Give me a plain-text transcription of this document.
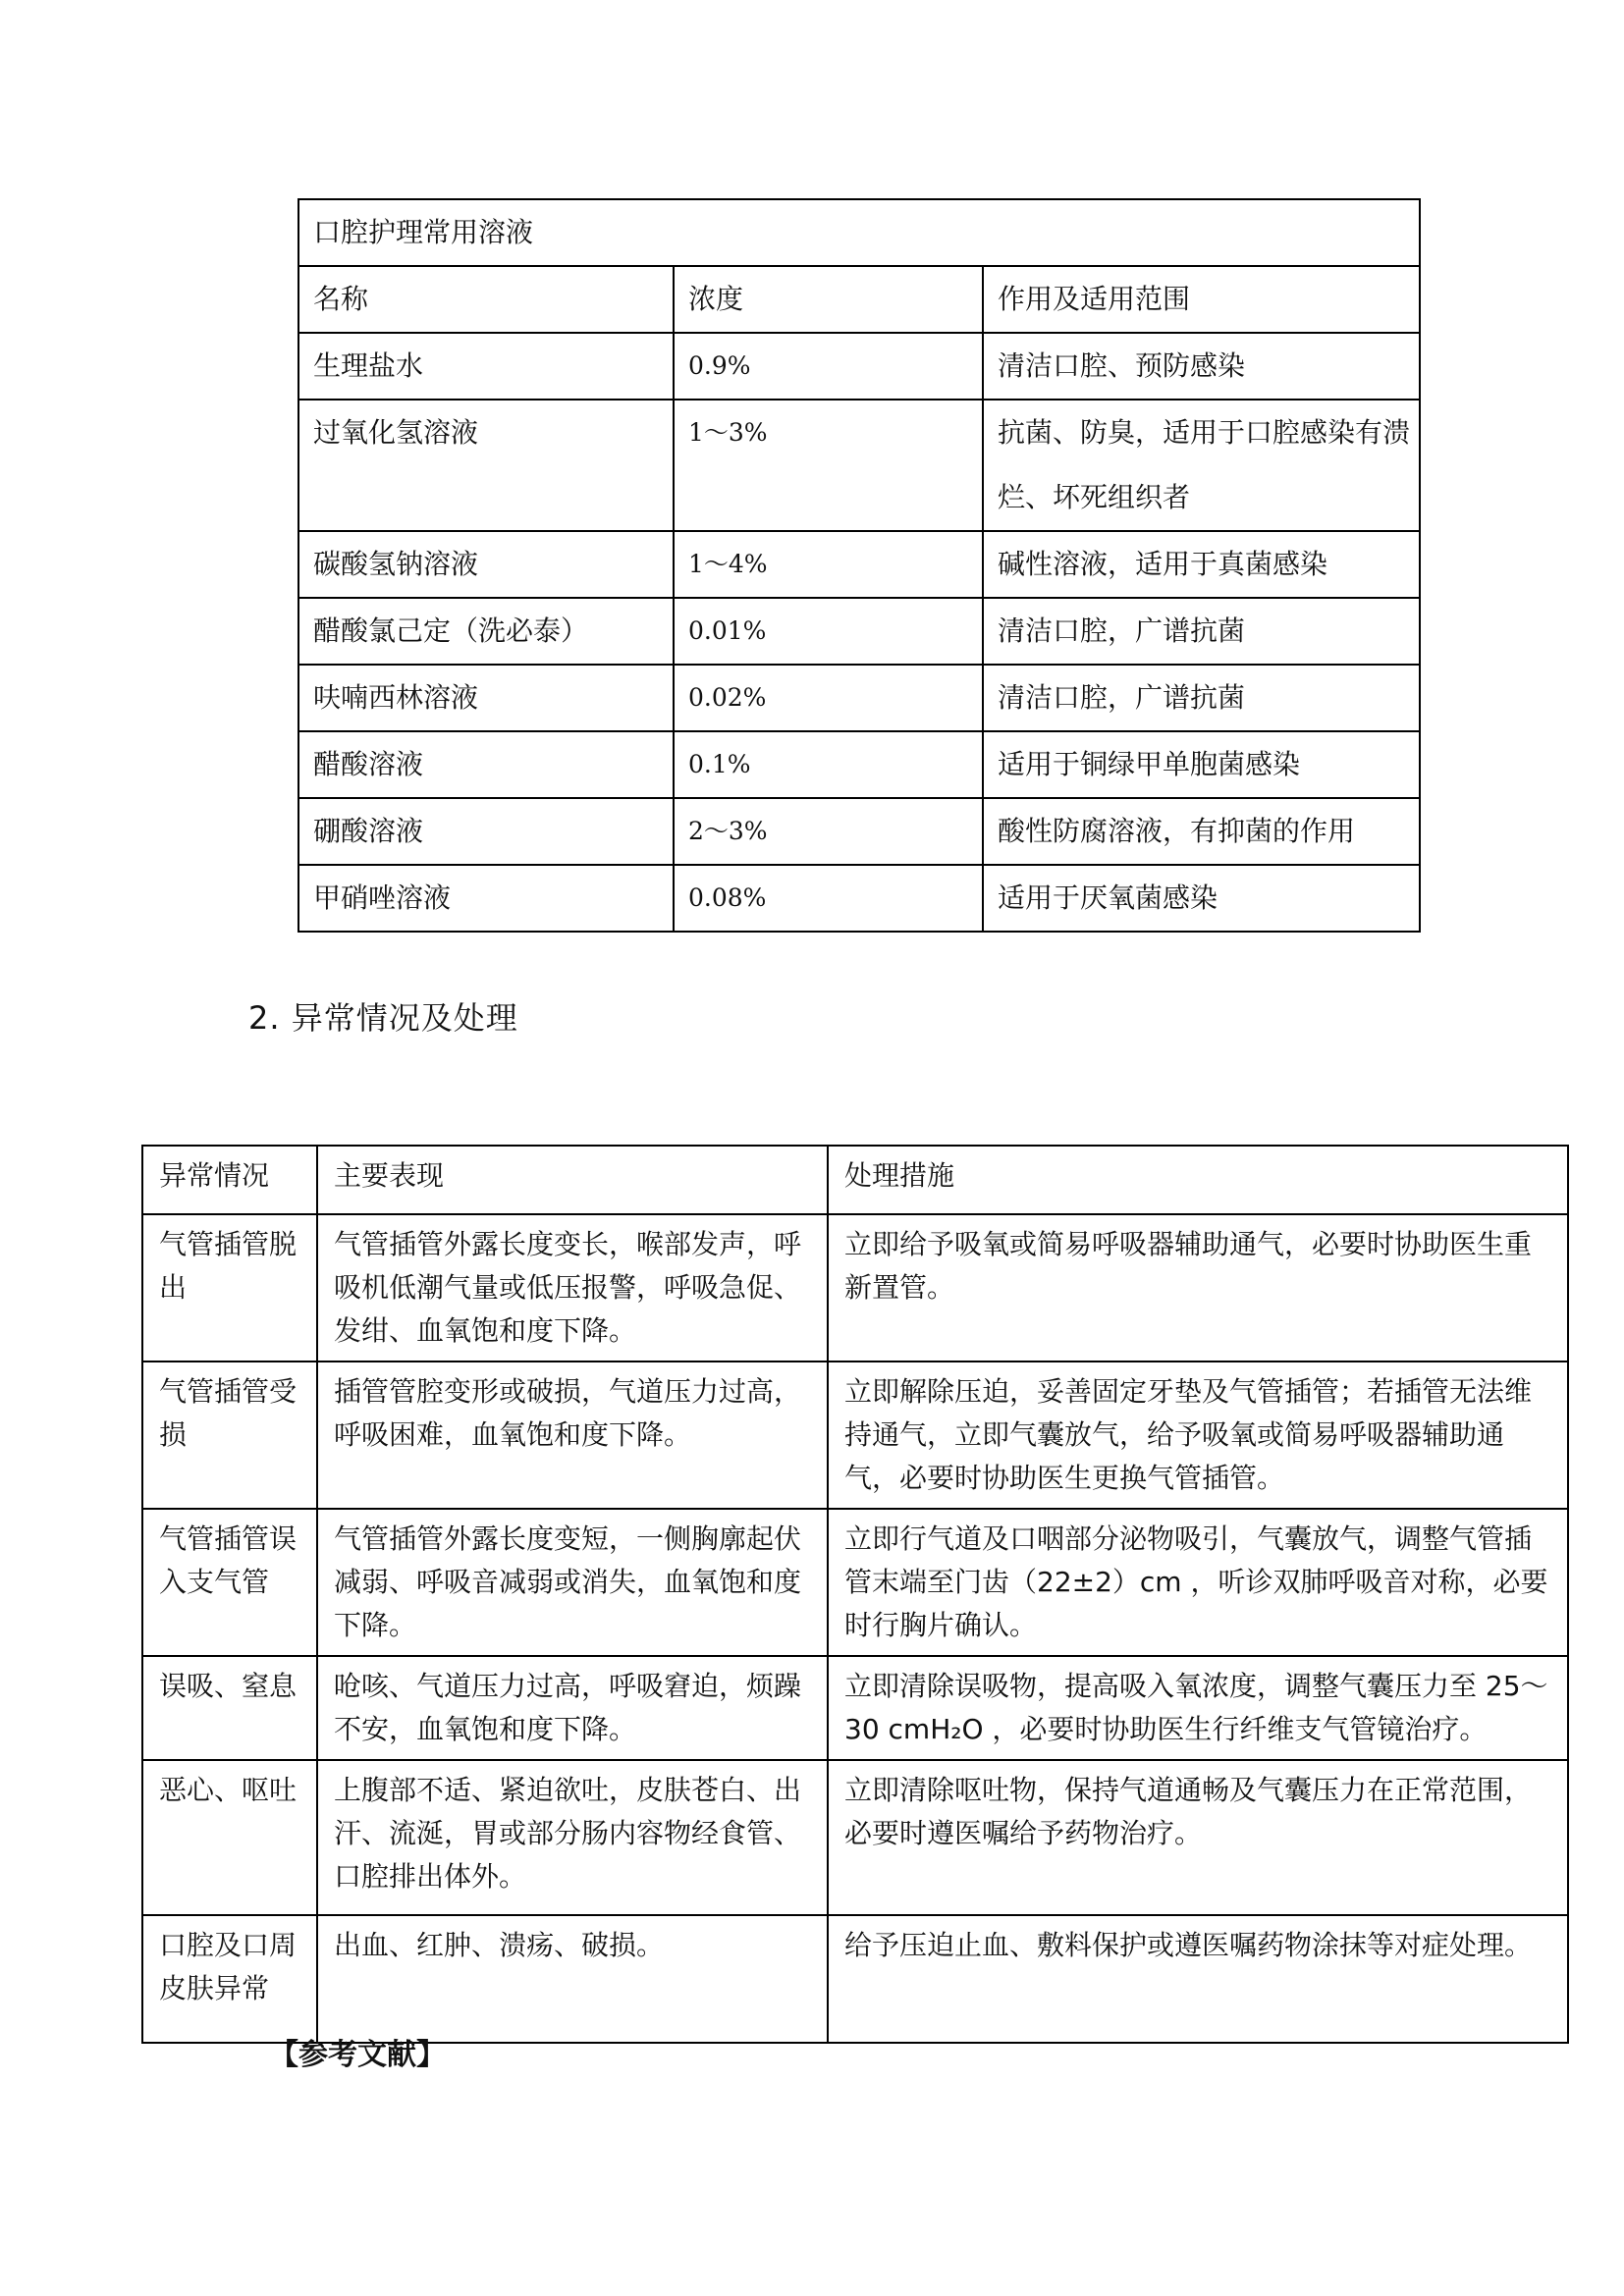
口腔护理常用溶液		
名称	浓度	作用及适用范围
生理盐水	0.9%	清洁口腔、预防感染
过氧化氢溶液	1～3%	抗菌、防臭，适用于口腔感染有溃烂、坏死组织者
碳酸氢钠溶液	1～4%	碱性溶液，适用于真菌感染
醋酸氯己定（洗必泰）	0.01%	清洁口腔，广谱抗菌
呋喃西林溶液	0.02%	清洁口腔，广谱抗菌
醋酸溶液	0.1%	适用于铜绿甲单胞菌感染
硼酸溶液	2～3%	酸性防腐溶液，有抑菌的作用
甲硝唑溶液	0.08%	适用于厌氧菌感染
2. 异常情况及处理
异常情况	主要表现	处理措施
气管插管脱出	气管插管外露长度变长，喉部发声，呼吸机低潮气量或低压报警，呼吸急促、发绀、血氧饱和度下降。	立即给予吸氧或简易呼吸器辅助通气，必要时协助医生重新置管。
气管插管受损	插管管腔变形或破损，气道压力过高，呼吸困难，血氧饱和度下降。	立即解除压迫，妥善固定牙垫及气管插管；若插管无法维持通气，立即气囊放气，给予吸氧或简易呼吸器辅助通气，必要时协助医生更换气管插管。
气管插管误入支气管	气管插管外露长度变短，一侧胸廓起伏减弱、呼吸音减弱或消失，血氧饱和度下降。	立即行气道及口咽部分泌物吸引，气囊放气，调整气管插管末端至门齿（22±2）cm ，听诊双肺呼吸音对称，必要时行胸片确认。
误吸、窒息	呛咳、气道压力过高，呼吸窘迫，烦躁不安，血氧饱和度下降。	立即清除误吸物，提高吸入氧浓度，调整气囊压力至 25～30 cmH₂O ，必要时协助医生行纤维支气管镜治疗。
恶心、呕吐	上腹部不适、紧迫欲吐，皮肤苍白、出汗、流涎，胃或部分肠内容物经食管、口腔排出体外。	立即清除呕吐物，保持气道通畅及气囊压力在正常范围，必要时遵医嘱给予药物治疗。
口腔及口周皮肤异常	出血、红肿、溃疡、破损。	给予压迫止血、敷料保护或遵医嘱药物涂抹等对症处理。
【参考文献】
